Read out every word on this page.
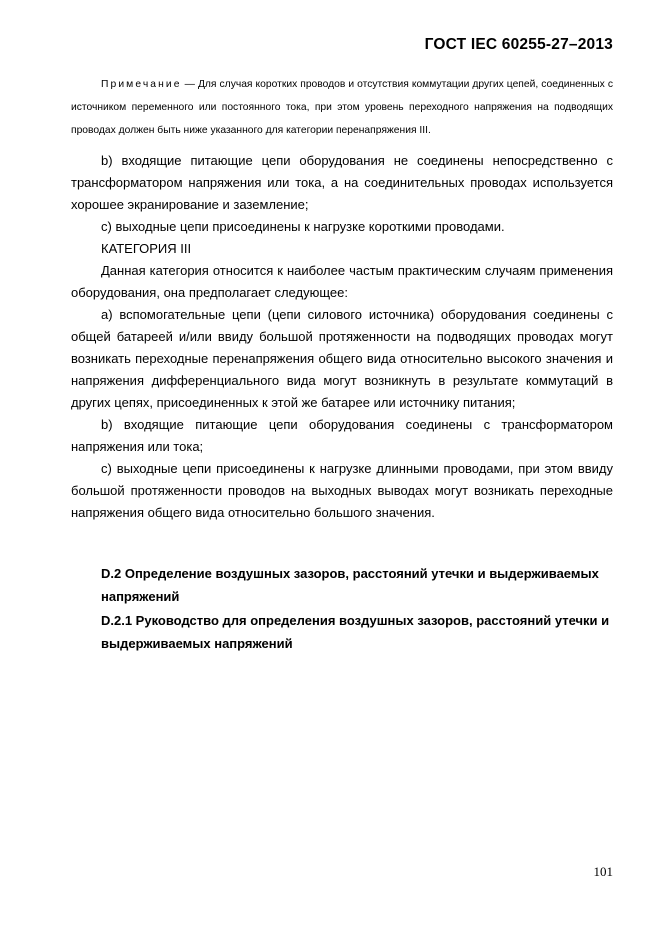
ГОСТ IEC 60255-27–2013
Примечание — Для случая коротких проводов и отсутствия коммутации других цепей, соединенных с источником переменного или постоянного тока, при этом уровень переходного напряжения на подводящих проводах должен быть ниже указанного для категории перенапряжения III.

b) входящие питающие цепи оборудования не соединены непосредственно с трансформатором напряжения или тока, а на соединительных проводах используется хорошее экранирование и заземление;

c) выходные цепи присоединены к нагрузке короткими проводами.

КАТЕГОРИЯ III

Данная категория относится к наиболее частым практическим случаям применения оборудования, она предполагает следующее:

a) вспомогательные цепи (цепи силового источника) оборудования соединены с общей батареей и/или ввиду большой протяженности на подводящих проводах могут возникать переходные перенапряжения общего вида относительно высокого значения и напряжения дифференциального вида могут возникнуть в результате коммутаций в других цепях, присоединенных к этой же батарее или источнику питания;

b) входящие питающие цепи оборудования соединены с трансформатором напряжения или тока;

c) выходные цепи присоединены к нагрузке длинными проводами, при этом ввиду большой протяженности проводов на выходных выводах могут возникать переходные напряжения общего вида относительно большого значения.

D.2 Определение воздушных зазоров, расстояний утечки и выдерживаемых напряжений
D.2.1 Руководство для определения воздушных зазоров, расстояний утечки и выдерживаемых напряжений
101
